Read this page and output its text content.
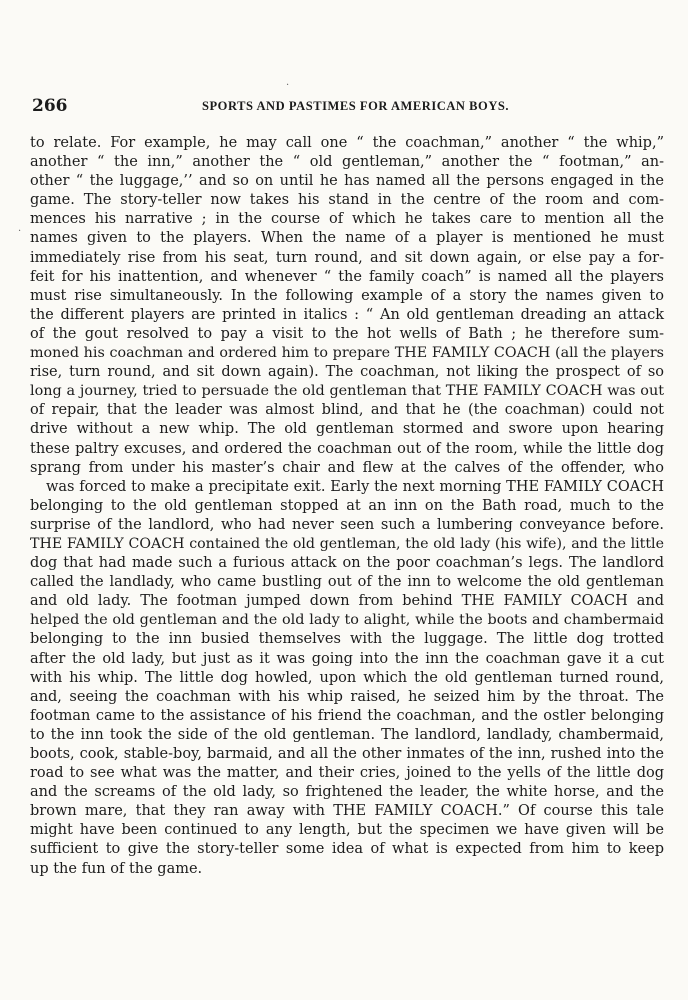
·
·
266	SPORTS AND PASTIMES FOR AMERICAN BOYS.
to relate. For example, he may call one “ the coachman,” another “ the whip,”
another “ the inn,” another the “ old gentleman,” another the “ footman,” an-
other “ the luggage,’’ and so on until he has named all the persons engaged in the
game. The story-teller now takes his stand in the centre of the room and com-
mences his narrative ; in the course of which he takes care to mention all the
names given to the players. When the name of a player is mentioned he must
immediately rise from his seat, turn round, and sit down again, or else pay a for-
feit for his inattention, and whenever “ the family coach” is named all the players
must rise simultaneously. In the following example of a story the names given to
the different players are printed in italics : “ An old gentleman dreading an attack
of the gout resolved to pay a visit to the hot wells of Bath ; he therefore sum-
moned his coachman and ordered him to prepare THE FAMILY COACH (all the players
rise, turn round, and sit down again). The coachman, not liking the prospect of so
long a journey, tried to persuade the old gentleman that THE FAMILY COACH was out
of repair, that the leader was almost blind, and that he (the coachman) could not
drive without a new whip. The old gentleman stormed and swore upon hearing
these paltry excuses, and ordered the coachman out of the room, while the little dog
sprang from under his master’s chair and flew at the calves of the offender, who
was forced to make a precipitate exit. Early the next morning THE FAMILY COACH
belonging to the old gentleman stopped at an inn on the Bath road, much to the
surprise of the landlord, who had never seen such a lumbering conveyance before.
THE FAMILY COACH contained the old gentleman, the old lady (his wife), and the little
dog that had made such a furious attack on the poor coachman’s legs. The landlord
called the landlady, who came bustling out of the inn to welcome the old gentleman
and old lady. The footman jumped down from behind THE FAMILY COACH and
helped the old gentleman and the old lady to alight, while the boots and chambermaid
belonging to the inn busied themselves with the luggage. The little dog trotted
after the old lady, but just as it was going into the inn the coachman gave it a cut
with his whip. The little dog howled, upon which the old gentleman turned round,
and, seeing the coachman with his whip raised, he seized him by the throat. The
footman came to the assistance of his friend the coachman, and the ostler belonging
to the inn took the side of the old gentleman. The landlord, landlady, chambermaid,
boots, cook, stable-boy, barmaid, and all the other inmates of the inn, rushed into the
road to see what was the matter, and their cries, joined to the yells of the little dog
and the screams of the old lady, so frightened the leader, the white horse, and the
brown mare, that they ran away with THE FAMILY COACH.” Of course this tale
might have been continued to any length, but the specimen we have given will be
sufficient to give the story-teller some idea of what is expected from him to keep
up the fun of the game.
